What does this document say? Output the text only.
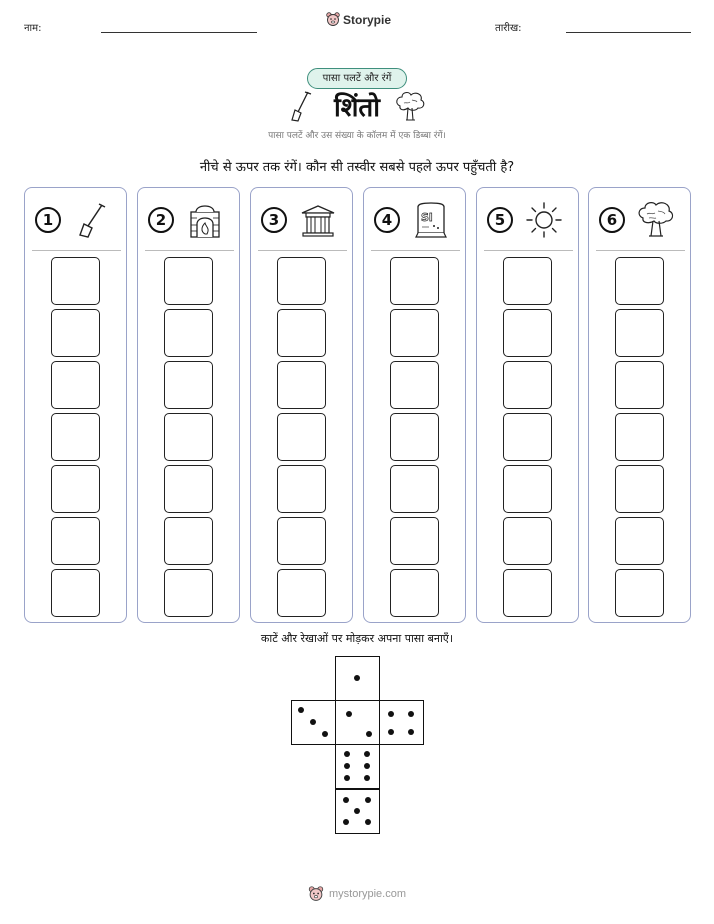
नाम:
Storypie
तारीख:
पासा पलटें और रंगें
शिंतो
पासा पलटें और उस संख्या के कॉलम में एक डिब्बा रंगें।
नीचे से ऊपर तक रंगें। कौन सी तस्वीर सबसे पहले ऊपर पहुँचती है?
1	2	3	4	Sl	5	6
काटें और रेखाओं पर मोड़कर अपना पासा बनाएँ।
mystorypie.com
